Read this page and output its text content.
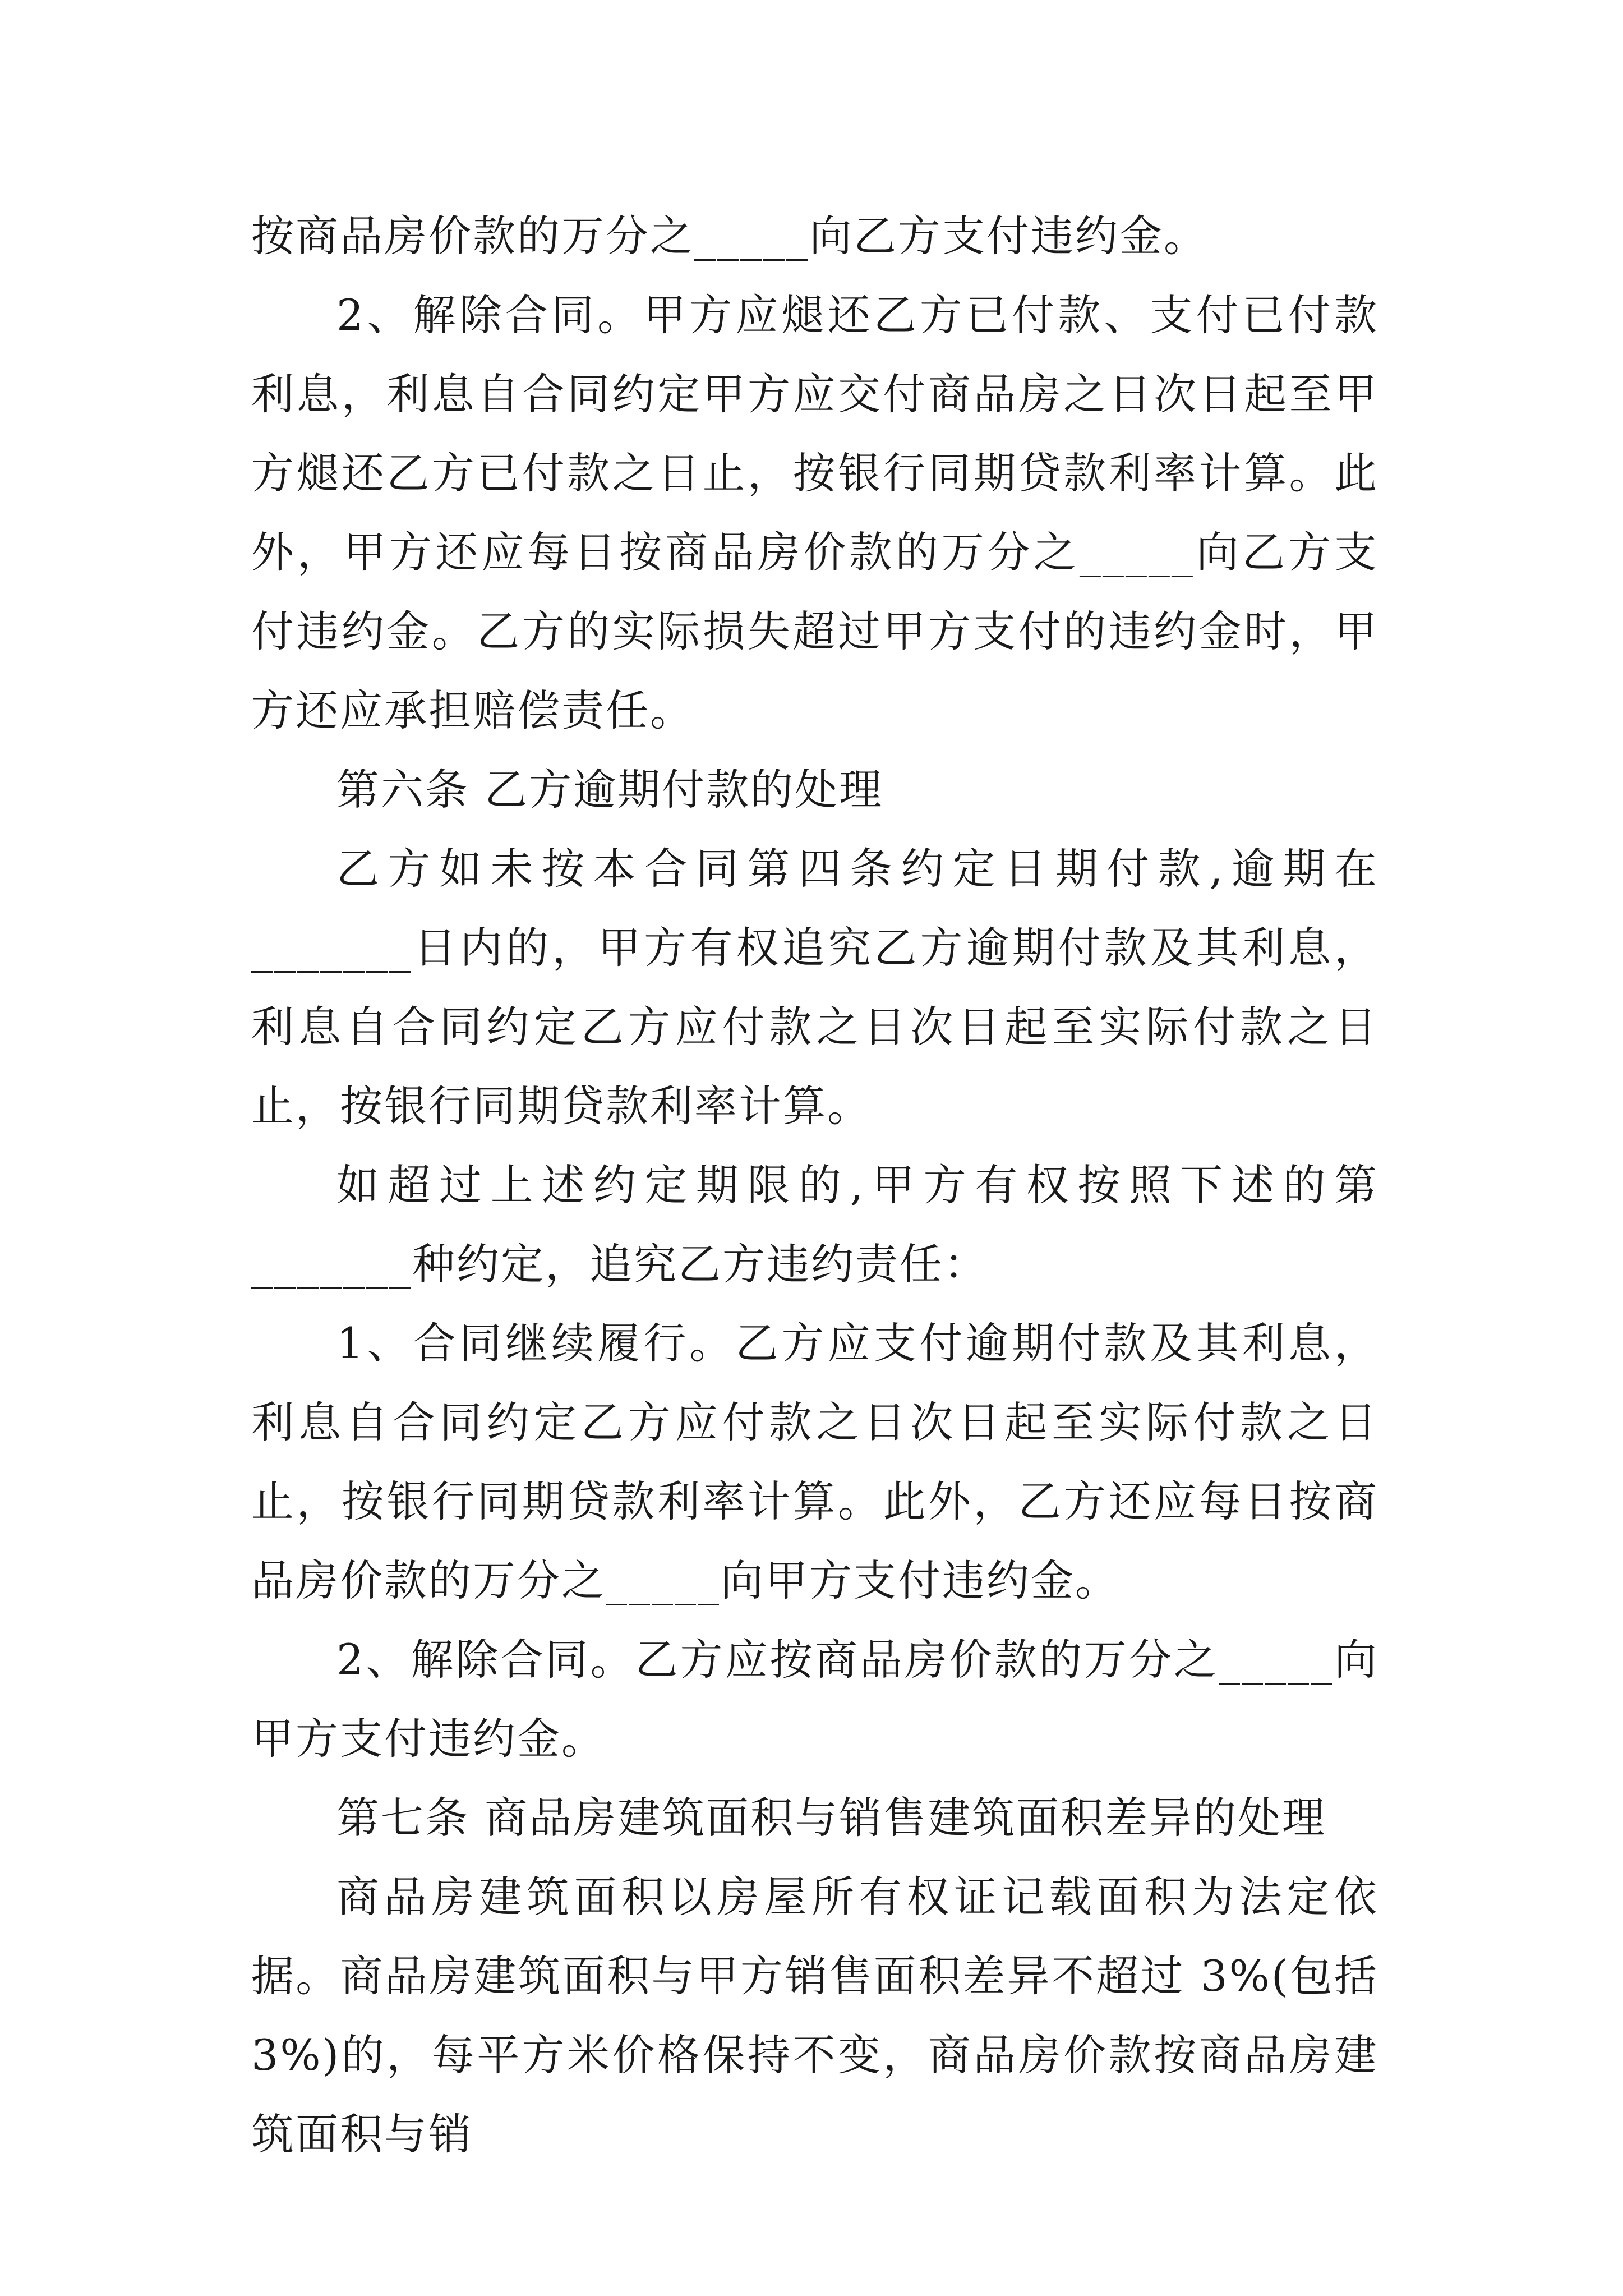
按商品房价款的万分之_____向乙方支付违约金。

2、解除合同。甲方应煺还乙方已付款、支付已付款利息，利息自合同约定甲方应交付商品房之日次日起至甲方煺还乙方已付款之日止，按银行同期贷款利率计算。此外，甲方还应每日按商品房价款的万分之_____向乙方支付违约金。乙方的实际损失超过甲方支付的违约金时，甲方还应承担赔偿责任。

第六条 乙方逾期付款的处理

乙方如未按本合同第四条约定日期付款,逾期在_______日内的，甲方有权追究乙方逾期付款及其利息，利息自合同约定乙方应付款之日次日起至实际付款之日止，按银行同期贷款利率计算。

如超过上述约定期限的,甲方有权按照下述的第_______种约定，追究乙方违约责任：

1、合同继续履行。乙方应支付逾期付款及其利息，利息自合同约定乙方应付款之日次日起至实际付款之日止，按银行同期贷款利率计算。此外，乙方还应每日按商品房价款的万分之_____向甲方支付违约金。

2、解除合同。乙方应按商品房价款的万分之_____向甲方支付违约金。

第七条 商品房建筑面积与销售建筑面积差异的处理

商品房建筑面积以房屋所有权证记载面积为法定依据。商品房建筑面积与甲方销售面积差异不超过 3%(包括 3%)的，每平方米价格保持不变，商品房价款按商品房建筑面积与销
